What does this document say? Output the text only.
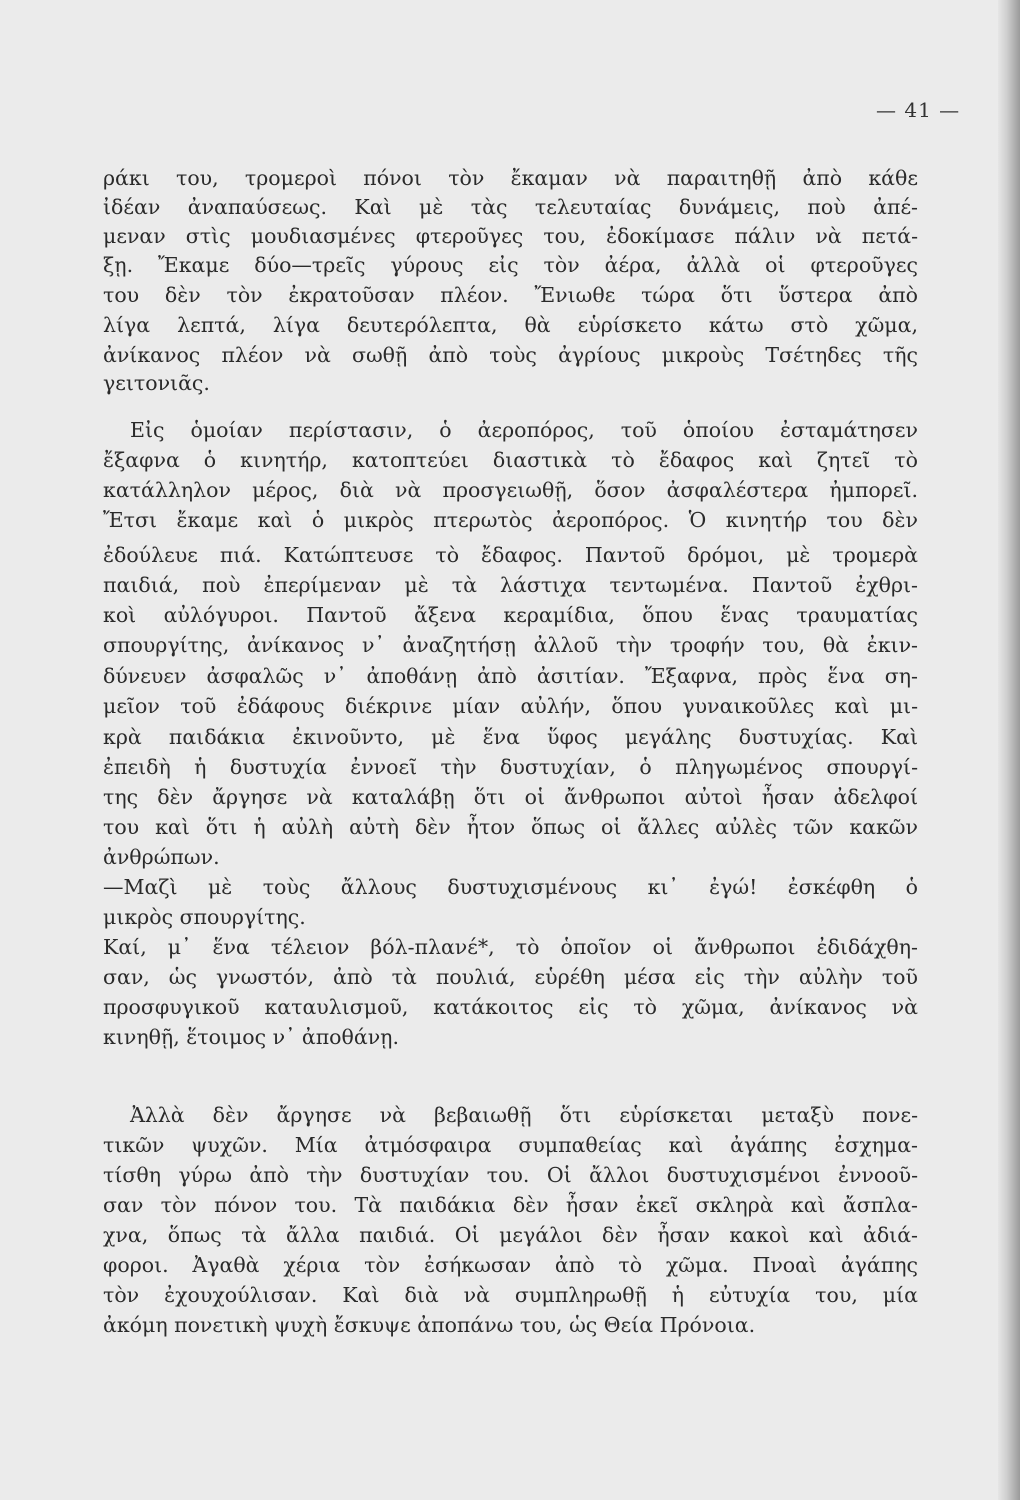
— 41 —
ράκι του, τρομεροὶ πόνοι τὸν ἔκαμαν νὰ παραιτηθῇ ἀπὸ κάθε
ἰδέαν ἀναπαύσεως. Καὶ μὲ τὰς τελευταίας δυνάμεις, ποὺ ἀπέ-
μεναν στὶς μουδιασμένες φτεροῦγες του, ἐδοκίμασε πάλιν νὰ πετά-
ξῃ. Ἔκαμε δύο—τρεῖς γύρους εἰς τὸν ἀέρα, ἀλλὰ οἱ φτεροῦγες
του δὲν τὸν ἐκρατοῦσαν πλέον. Ἔνιωθε τώρα ὅτι ὕστερα ἀπὸ
λίγα λεπτά, λίγα δευτερόλεπτα, θὰ εὑρίσκετο κάτω στὸ χῶμα,
ἀνίκανος πλέον νὰ σωθῇ ἀπὸ τοὺς ἀγρίους μικροὺς Τσέτηδες τῆς
γειτονιᾶς.
Εἰς ὁμοίαν περίστασιν, ὁ ἀεροπόρος, τοῦ ὁποίου ἐσταμάτησεν
ἔξαφνα ὁ κινητήρ, κατοπτεύει διαστικὰ τὸ ἔδαφος καὶ ζητεῖ τὸ
κατάλληλον μέρος, διὰ νὰ προσγειωθῇ, ὅσον ἀσφαλέστερα ἠμπορεῖ.
Ἔτσι ἔκαμε καὶ ὁ μικρὸς πτερωτὸς ἀεροπόρος. Ὁ κινητήρ του δὲν
ἐδούλευε πιά. Κατώπτευσε τὸ ἔδαφος. Παντοῦ δρόμοι, μὲ τρομερὰ
παιδιά, ποὺ ἐπερίμεναν μὲ τὰ λάστιχα τεντωμένα. Παντοῦ ἐχθρι-
κοὶ αὐλόγυροι. Παντοῦ ἄξενα κεραμίδια, ὅπου ἕνας τραυματίας
σπουργίτης, ἀνίκανος ν᾽ ἀναζητήσῃ ἀλλοῦ τὴν τροφήν του, θὰ ἐκιν-
δύνευεν ἀσφαλῶς ν᾽ ἀποθάνῃ ἀπὸ ἀσιτίαν. Ἔξαφνα, πρὸς ἕνα ση-
μεῖον τοῦ ἐδάφους διέκρινε μίαν αὐλήν, ὅπου γυναικοῦλες καὶ μι-
κρὰ παιδάκια ἐκινοῦντο, μὲ ἕνα ὕφος μεγάλης δυστυχίας. Καὶ
ἐπειδὴ ἡ δυστυχία ἐννοεῖ τὴν δυστυχίαν, ὁ πληγωμένος σπουργί-
της δὲν ἄργησε νὰ καταλάβῃ ὅτι οἱ ἄνθρωποι αὐτοὶ ἦσαν ἀδελφοί
του καὶ ὅτι ἡ αὐλὴ αὐτὴ δὲν ἦτον ὅπως οἱ ἄλλες αὐλὲς τῶν κακῶν
ἀνθρώπων.
—Μαζὶ μὲ τοὺς ἄλλους δυστυχισμένους κι᾽ ἐγώ! ἐσκέφθη ὁ
μικρὸς σπουργίτης.
Καί, μ᾽ ἕνα τέλειον βόλ-πλανέ*, τὸ ὁποῖον οἱ ἄνθρωποι ἐδιδάχθη-
σαν, ὡς γνωστόν, ἀπὸ τὰ πουλιά, εὑρέθη μέσα εἰς τὴν αὐλὴν τοῦ
προσφυγικοῦ καταυλισμοῦ, κατάκοιτος εἰς τὸ χῶμα, ἀνίκανος νὰ
κινηθῇ, ἕτοιμος ν᾽ ἀποθάνῃ.
Ἀλλὰ δὲν ἄργησε νὰ βεβαιωθῇ ὅτι εὑρίσκεται μεταξὺ πονε-
τικῶν ψυχῶν. Μία ἀτμόσφαιρα συμπαθείας καὶ ἀγάπης ἐσχημα-
τίσθη γύρω ἀπὸ τὴν δυστυχίαν του. Οἱ ἄλλοι δυστυχισμένοι ἐννοοῦ-
σαν τὸν πόνον του. Τὰ παιδάκια δὲν ἦσαν ἐκεῖ σκληρὰ καὶ ἄσπλα-
χνα, ὅπως τὰ ἄλλα παιδιά. Οἱ μεγάλοι δὲν ἦσαν κακοὶ καὶ ἀδιά-
φοροι. Ἀγαθὰ χέρια τὸν ἐσήκωσαν ἀπὸ τὸ χῶμα. Πνοαὶ ἀγάπης
τὸν ἐχουχούλισαν. Καὶ διὰ νὰ συμπληρωθῇ ἡ εὐτυχία του, μία
ἀκόμη πονετικὴ ψυχὴ ἔσκυψε ἀποπάνω του, ὡς Θεία Πρόνοια.
